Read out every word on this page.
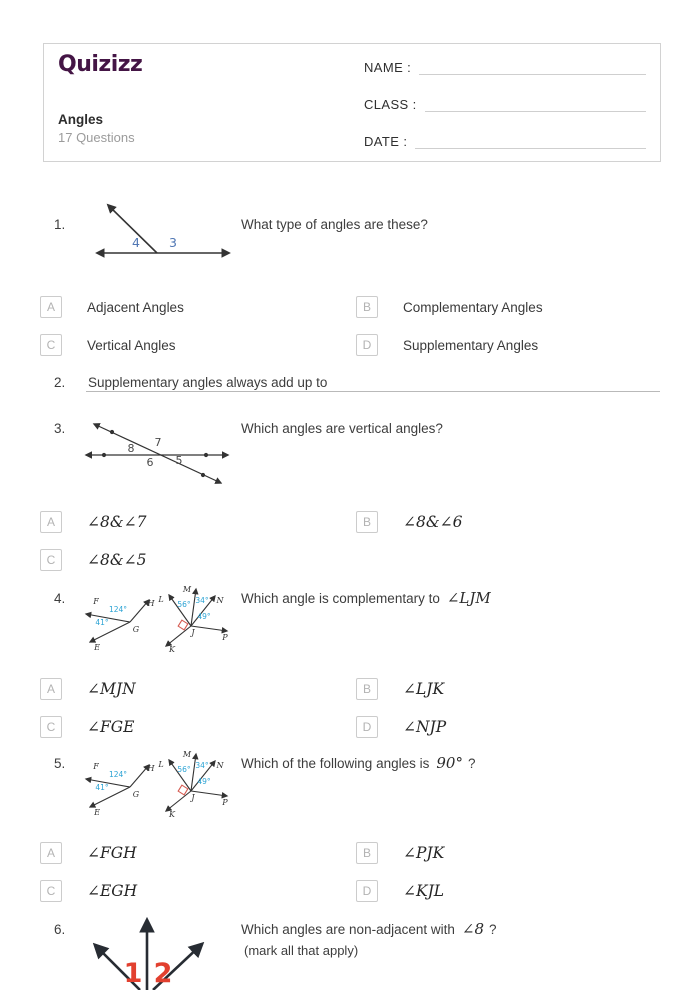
Quizizz
Angles
17 Questions
NAME :
CLASS :
DATE :
1.	What type of angles are these?
4 3
A	Adjacent Angles	B	Complementary Angles
C	Vertical Angles	D	Supplementary Angles
2. Supplementary angles always add up to
3.	Which angles are vertical angles?
8 7
6 5
A	∠8&∠7	B	∠8&∠6
C	∠8&∠5
4.	Which angle is complementary to ∠LJM
F	H
G
E
124°
41°
M
L	N
P
K
J
56° 34°
49°
A	∠MJN	B	∠LJK
C	∠FGE	D	∠NJP
5.	Which of the following angles is 90° ?
F	H
G
E
124°
41°
M
L	N
P
K
J
56° 34°
49°
A	∠FGH	B	∠PJK
C	∠EGH	D	∠KJL
6.	Which angles are non-adjacent with ∠8 ?
(mark all that apply)
1 2
